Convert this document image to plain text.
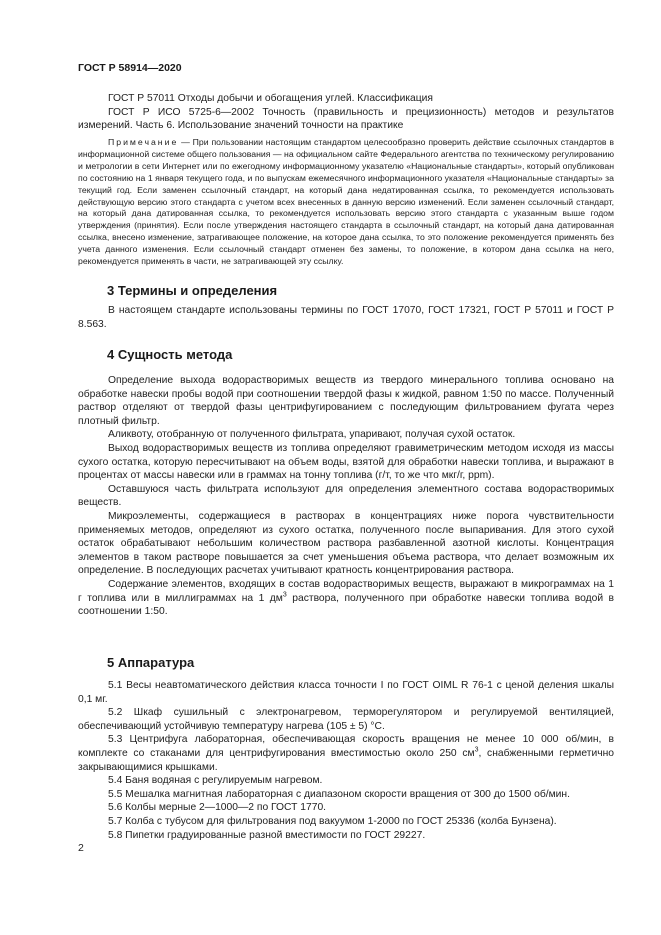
ГОСТ Р 58914—2020

ГОСТ Р 57011 Отходы добычи и обогащения углей. Классификация

ГОСТ Р ИСО 5725-6—2002 Точность (правильность и прецизионность) методов и результатов измерений. Часть 6. Использование значений точности на практике

Примечание — При пользовании настоящим стандартом целесообразно проверить действие ссылочных стандартов в информационной системе общего пользования — на официальном сайте Федерального агентства по техническому регулированию и метрологии в сети Интернет или по ежегодному информационному указателю «Национальные стандарты», который опубликован по состоянию на 1 января текущего года, и по выпускам ежемесячного информационного указателя «Национальные стандарты» за текущий год. Если заменен ссылочный стандарт, на который дана недатированная ссылка, то рекомендуется использовать действующую версию этого стандарта с учетом всех внесенных в данную версию изменений. Если заменен ссылочный стандарт, на который дана датированная ссылка, то рекомендуется использовать версию этого стандарта с указанным выше годом утверждения (принятия). Если после утверждения настоящего стандарта в ссылочный стандарт, на который дана датированная ссылка, внесено изменение, затрагивающее положение, на которое дана ссылка, то это положение рекомендуется применять без учета данного изменения. Если ссылочный стандарт отменен без замены, то положение, в котором дана ссылка на него, рекомендуется применять в части, не затрагивающей эту ссылку.

3 Термины и определения

В настоящем стандарте использованы термины по ГОСТ 17070, ГОСТ 17321, ГОСТ Р 57011 и ГОСТ Р 8.563.

4 Сущность метода

Определение выхода водорастворимых веществ из твердого минерального топлива основано на обработке навески пробы водой при соотношении твердой фазы к жидкой, равном 1:50 по массе. Полученный раствор отделяют от твердой фазы центрифугированием с последующим фильтрованием фугата через плотный фильтр.

Аликвоту, отобранную от полученного фильтрата, упаривают, получая сухой остаток.

Выход водорастворимых веществ из топлива определяют гравиметрическим методом исходя из массы сухого остатка, которую пересчитывают на объем воды, взятой для обработки навески топлива, и выражают в процентах от массы навески или в граммах на тонну топлива (г/т, то же что мкг/г, ppm).

Оставшуюся часть фильтрата используют для определения элементного состава водорастворимых веществ.

Микроэлементы, содержащиеся в растворах в концентрациях ниже порога чувствительности применяемых методов, определяют из сухого остатка, полученного после выпаривания. Для этого сухой остаток обрабатывают небольшим количеством раствора разбавленной азотной кислоты. Концентрация элементов в таком растворе повышается за счет уменьшения объема раствора, что делает возможным их определение. В последующих расчетах учитывают кратность концентрирования раствора.

Содержание элементов, входящих в состав водорастворимых веществ, выражают в микрограммах на 1 г топлива или в миллиграммах на 1 $дм^3$ раствора, полученного при обработке навески топлива водой в соотношении 1:50.

5 Аппаратура

5.1 Весы неавтоматического действия класса точности I по ГОСТ OIML R 76-1 с ценой деления шкалы 0,1 мг.

5.2 Шкаф сушильный с электронагревом, терморегулятором и регулируемой вентиляцией, обеспечивающий устойчивую температуру нагрева (105 ± 5) °С.

5.3 Центрифуга лабораторная, обеспечивающая скорость вращения не менее 10 000 об/мин, в комплекте со стаканами для центрифугирования вместимостью около 250 $см^3$, снабженными герметично закрывающимися крышками.

5.4 Баня водяная с регулируемым нагревом.

5.5 Мешалка магнитная лабораторная с диапазоном скорости вращения от 300 до 1500 об/мин.

5.6 Колбы мерные 2—1000—2 по ГОСТ 1770.

5.7 Колба с тубусом для фильтрования под вакуумом 1-2000 по ГОСТ 25336 (колба Бунзена).

5.8 Пипетки градуированные разной вместимости по ГОСТ 29227.

2
